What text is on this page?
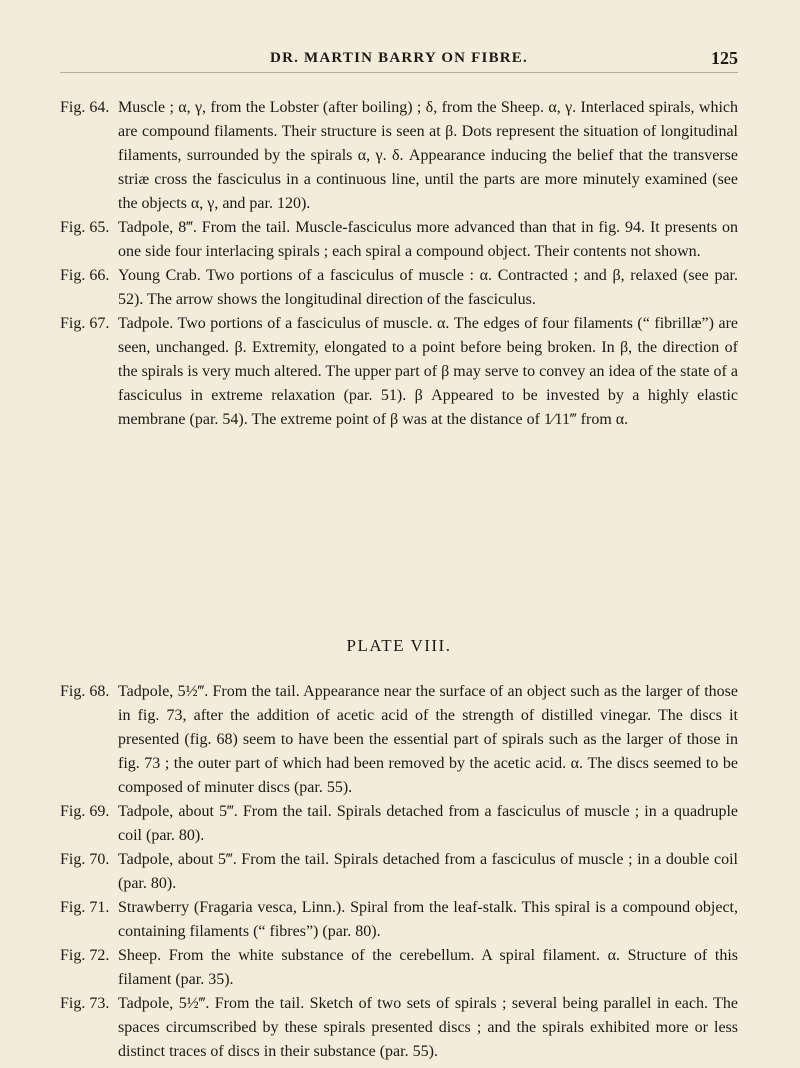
DR. MARTIN BARRY ON FIBRE.	125
Fig. 64. Muscle ; α, γ, from the Lobster (after boiling) ; δ, from the Sheep. α, γ. Interlaced spirals, which are compound filaments. Their structure is seen at β. Dots represent the situation of longitudinal filaments, surrounded by the spirals α, γ. δ. Appearance inducing the belief that the transverse striæ cross the fasciculus in a continuous line, until the parts are more minutely examined (see the objects α, γ, and par. 120).
Fig. 65. Tadpole, 8‴. From the tail. Muscle-fasciculus more advanced than that in fig. 94. It presents on one side four interlacing spirals ; each spiral a compound object. Their contents not shown.
Fig. 66. Young Crab. Two portions of a fasciculus of muscle : α. Contracted ; and β, relaxed (see par. 52). The arrow shows the longitudinal direction of the fasciculus.
Fig. 67. Tadpole. Two portions of a fasciculus of muscle. α. The edges of four filaments (“ fibrillæ”) are seen, unchanged. β. Extremity, elongated to a point before being broken. In β, the direction of the spirals is very much altered. The upper part of β may serve to convey an idea of the state of a fasciculus in extreme relaxation (par. 51). β Appeared to be invested by a highly elastic membrane (par. 54). The extreme point of β was at the distance of 1⁄11‴ from α.
PLATE VIII.
Fig. 68. Tadpole, 5½‴. From the tail. Appearance near the surface of an object such as the larger of those in fig. 73, after the addition of acetic acid of the strength of distilled vinegar. The discs it presented (fig. 68) seem to have been the essential part of spirals such as the larger of those in fig. 73 ; the outer part of which had been removed by the acetic acid. α. The discs seemed to be composed of minuter discs (par. 55).
Fig. 69. Tadpole, about 5‴. From the tail. Spirals detached from a fasciculus of muscle ; in a quadruple coil (par. 80).
Fig. 70. Tadpole, about 5‴. From the tail. Spirals detached from a fasciculus of muscle ; in a double coil (par. 80).
Fig. 71. Strawberry (Fragaria vesca, Linn.). Spiral from the leaf-stalk. This spiral is a compound object, containing filaments (“ fibres”) (par. 80).
Fig. 72. Sheep. From the white substance of the cerebellum. A spiral filament. α. Structure of this filament (par. 35).
Fig. 73. Tadpole, 5½‴. From the tail. Sketch of two sets of spirals ; several being parallel in each. The spaces circumscribed by these spirals presented discs ; and the spirals exhibited more or less distinct traces of discs in their substance (par. 55).
